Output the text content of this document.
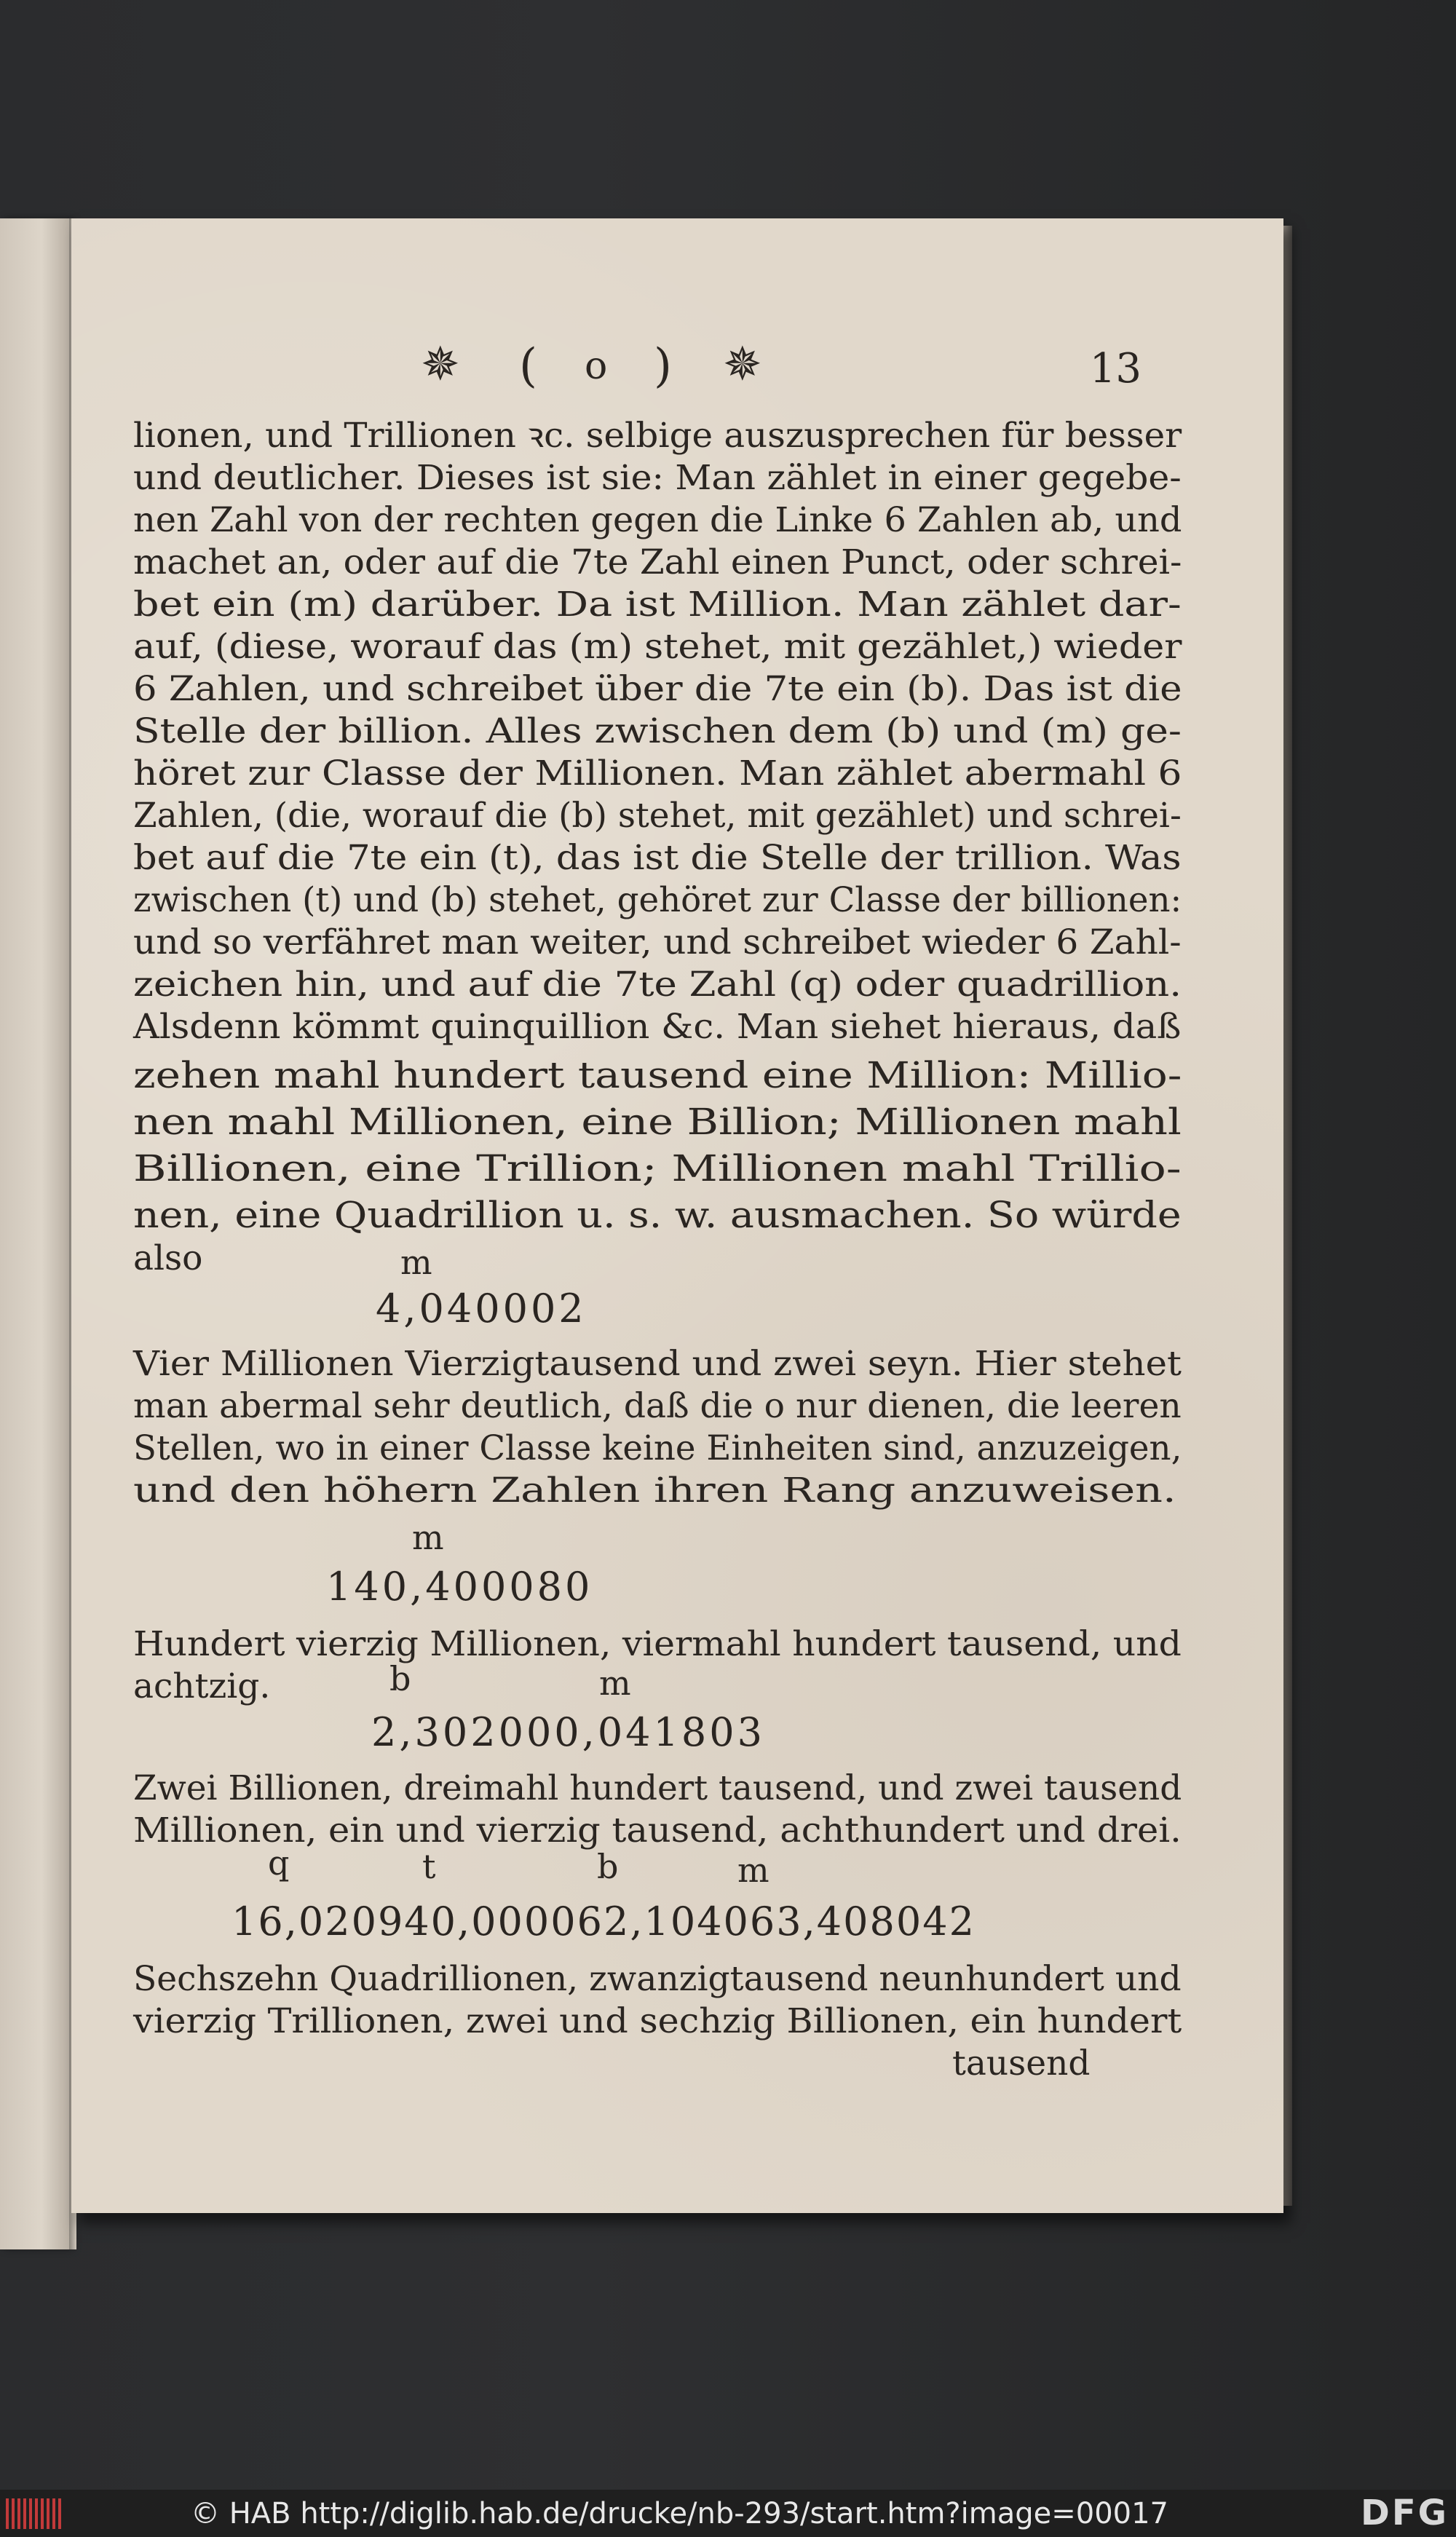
✵ ( o ) ✵	13
lionen, und Trillionen ꝛc. selbige auszusprechen für besser
und deutlicher. Dieses ist sie: Man zählet in einer gegebe-
nen Zahl von der rechten gegen die Linke 6 Zahlen ab, und
machet an, oder auf die 7te Zahl einen Punct, oder schrei-
bet ein (m) darüber. Da ist Million. Man zählet dar-
auf, (diese, worauf das (m) stehet, mit gezählet,) wieder
6 Zahlen, und schreibet über die 7te ein (b). Das ist die
Stelle der billion. Alles zwischen dem (b) und (m) ge-
höret zur Classe der Millionen. Man zählet abermahl 6
Zahlen, (die, worauf die (b) stehet, mit gezählet) und schrei-
bet auf die 7te ein (t), das ist die Stelle der trillion. Was
zwischen (t) und (b) stehet, gehöret zur Classe der billionen:
und so verfähret man weiter, und schreibet wieder 6 Zahl-
zeichen hin, und auf die 7te Zahl (q) oder quadrillion.
Alsdenn kömmt quinquillion &c. Man siehet hieraus, daß
zehen mahl hundert tausend eine Million: Millio-
nen mahl Millionen, eine Billion; Millionen mahl
Billionen, eine Trillion; Millionen mahl Trillio-
nen, eine Quadrillion u. s. w. ausmachen. So würde
also	m
4,040002
Vier Millionen Vierzigtausend und zwei seyn. Hier stehet
man abermal sehr deutlich, daß die o nur dienen, die leeren
Stellen, wo in einer Classe keine Einheiten sind, anzuzeigen,
und den höhern Zahlen ihren Rang anzuweisen.
m
140,400080
Hundert vierzig Millionen, viermahl hundert tausend, und
achtzig.	b	m
2,302000,041803
Zwei Billionen, dreimahl hundert tausend, und zwei tausend
Millionen, ein und vierzig tausend, achthundert und drei.
q	t	b	m
16,020940,000062,104063,408042
Sechszehn Quadrillionen, zwanzigtausend neunhundert und
vierzig Trillionen, zwei und sechzig Billionen, ein hundert
tausend
© HAB http://diglib.hab.de/drucke/nb-293/start.htm?image=00017	DFG
